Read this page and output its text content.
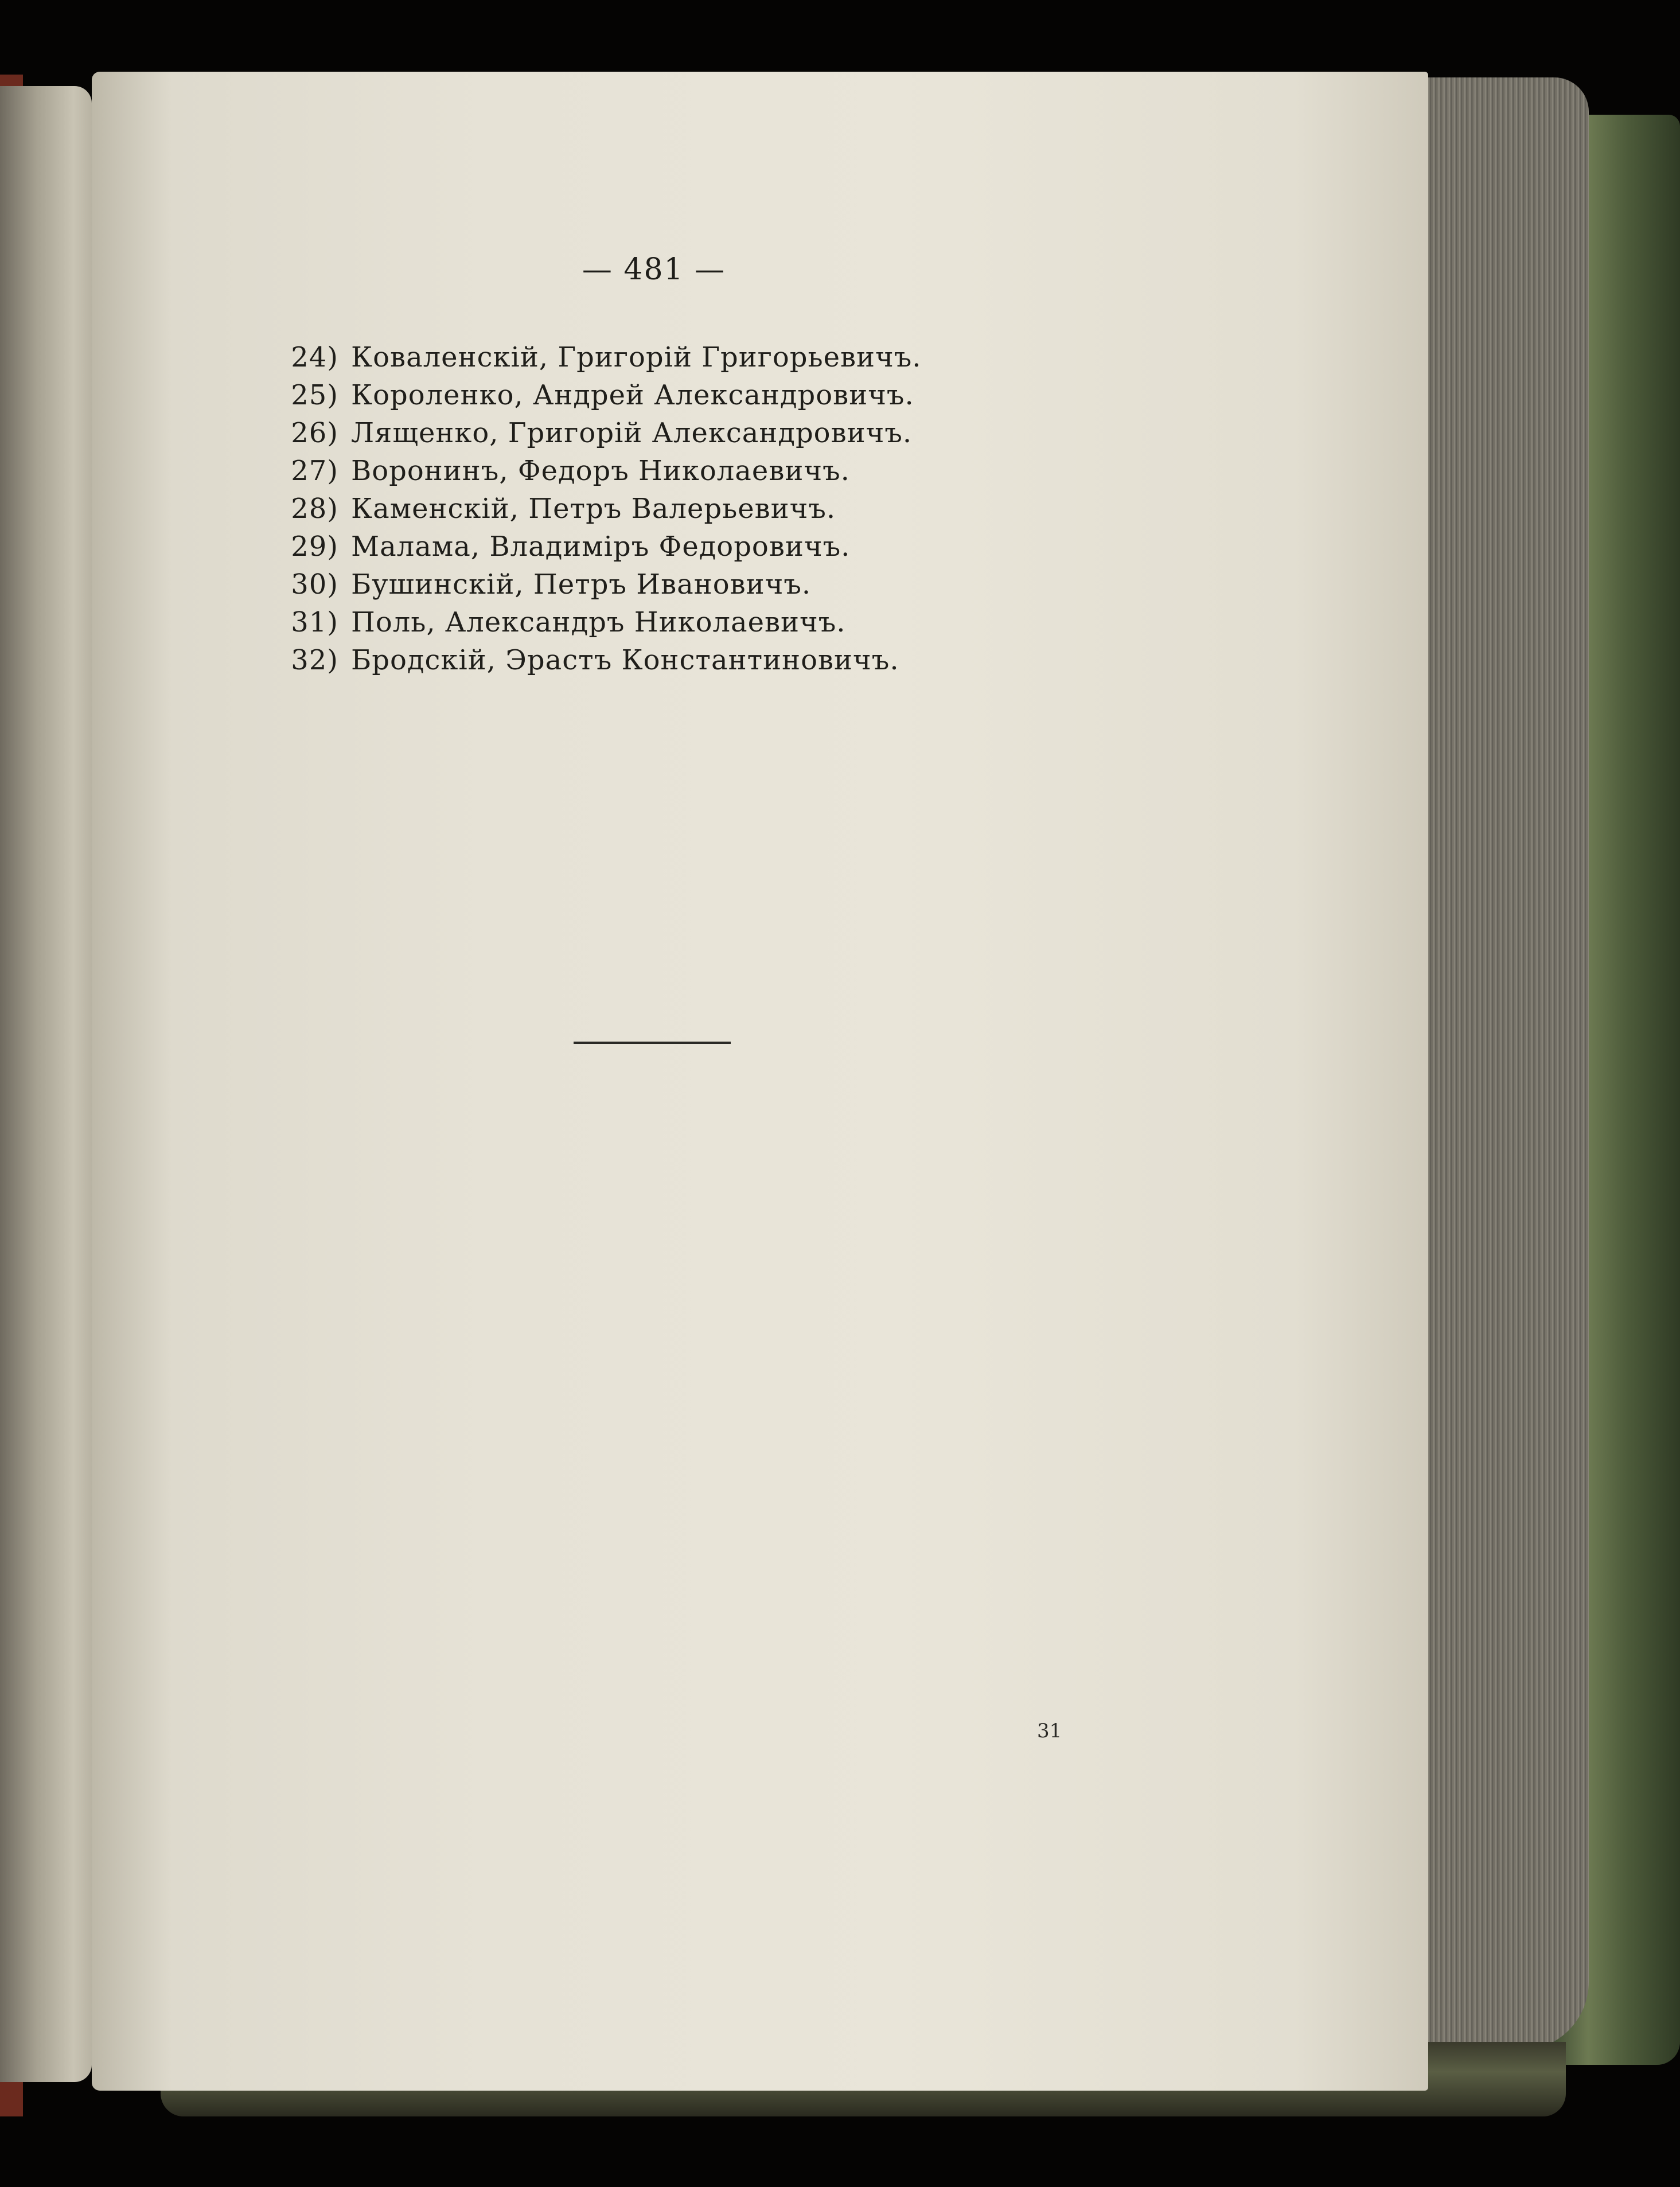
— 481 —
24) Коваленскій, Григорій Григорьевичъ.
25) Короленко, Андрей Александровичъ.
26) Лященко, Григорій Александровичъ.
27) Воронинъ, Федоръ Николаевичъ.
28) Каменскій, Петръ Валерьевичъ.
29) Малама, Владиміръ Федоровичъ.
30) Бушинскій, Петръ Ивановичъ.
31) Поль, Александръ Николаевичъ.
32) Бродскій, Эрастъ Константиновичъ.
31
